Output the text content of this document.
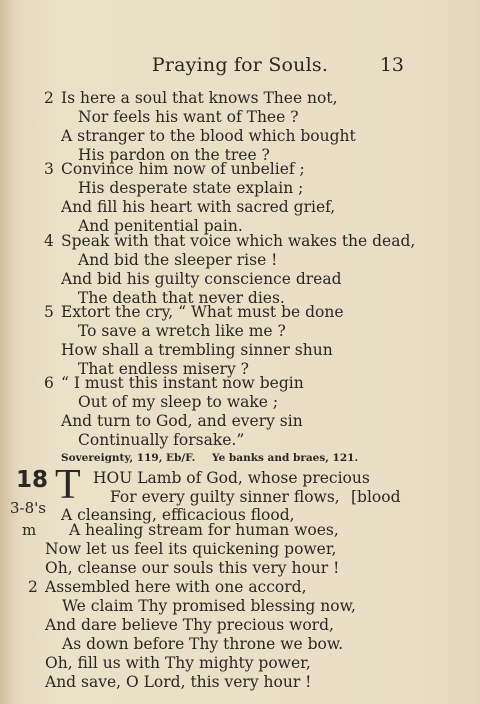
Praying for Souls.	13
2 Is here a soul that knows Thee not,
Nor feels his want of Thee ?
A stranger to the blood which bought
His pardon on the tree ?
3 Convince him now of unbelief ;
His desperate state explain ;
And fill his heart with sacred grief,
And penitential pain.
4 Speak with that voice which wakes the dead,
And bid the sleeper rise !
And bid his guilty conscience dread
The death that never dies.
5 Extort the cry, “ What must be done
To save a wretch like me ?
How shall a trembling sinner shun
That endless misery ?
6 “ I must this instant now begin
Out of my sleep to wake ;
And turn to God, and every sin
Continually forsake.”
Sovereignty, 119, Eb/F. Ye banks and braes, 121.
18 T HOU Lamb of God, whose precious
For every guilty sinner flows, [blood
3-8's A cleansing, efficacious flood,
m A healing stream for human woes,
Now let us feel its quickening power,
Oh, cleanse our souls this very hour !
2 Assembled here with one accord,
We claim Thy promised blessing now,
And dare believe Thy precious word,
As down before Thy throne we bow.
Oh, fill us with Thy mighty power,
And save, O Lord, this very hour !
